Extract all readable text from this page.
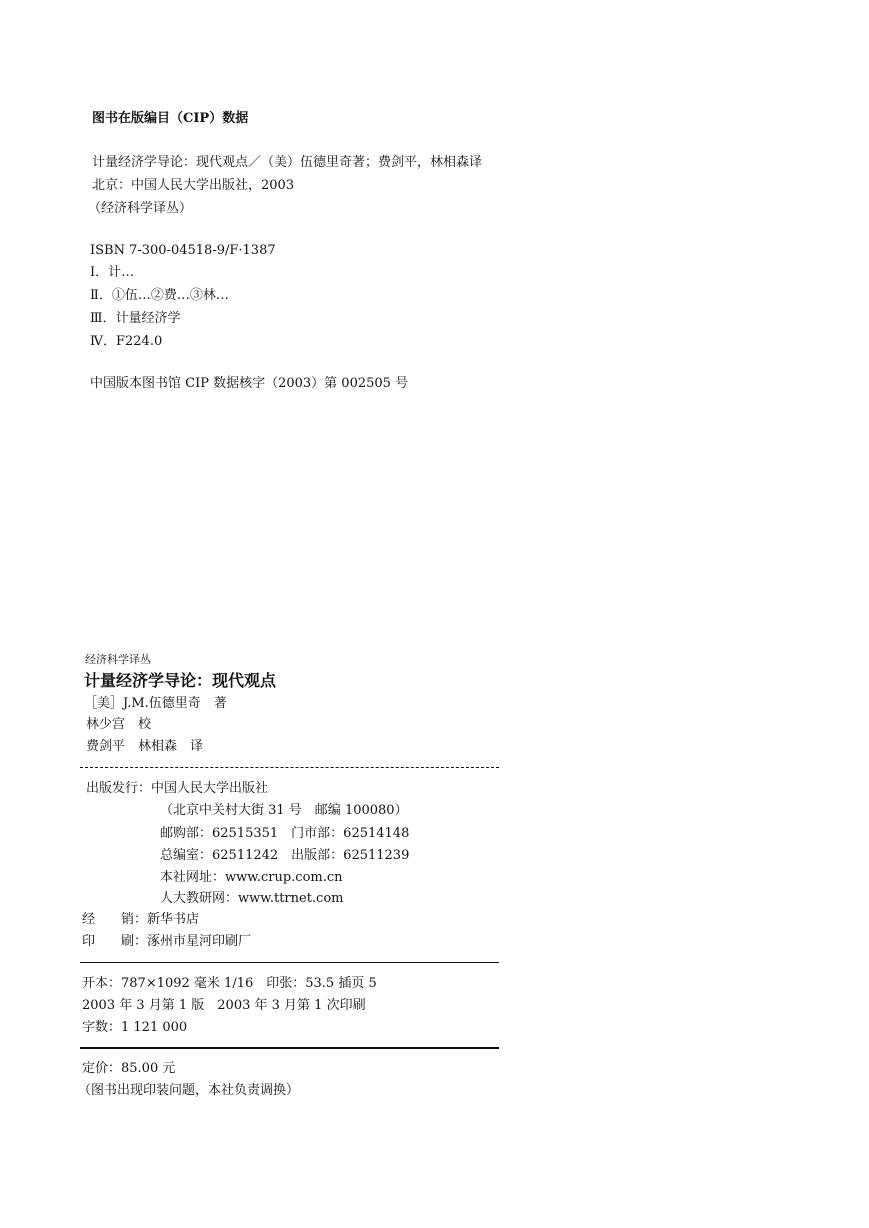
图书在版编目（CIP）数据
计量经济学导论：现代观点／（美）伍德里奇著；费剑平，林相森译
北京：中国人民大学出版社，2003
（经济科学译丛）
ISBN 7-300-04518-9/F·1387
Ⅰ．计…
Ⅱ．①伍…②费…③林…
Ⅲ．计量经济学
Ⅳ．F224.0
中国版本图书馆 CIP 数据核字（2003）第 002505 号
经济科学译丛
计量经济学导论：现代观点
［美］J.M.伍德里奇　著
林少宫　校
费剑平　林相森　译
出版发行：中国人民大学出版社
（北京中关村大街 31 号　邮编 100080）
邮购部：62515351　门市部：62514148
总编室：62511242　出版部：62511239
本社网址：www.crup.com.cn
人大教研网：www.ttrnet.com
经　　销：新华书店
印　　刷：涿州市星河印刷厂
开本：787×1092 毫米 1/16　印张：53.5 插页 5
2003 年 3 月第 1 版　2003 年 3 月第 1 次印刷
字数：1 121 000
定价：85.00 元
（图书出现印装问题，本社负责调换）
